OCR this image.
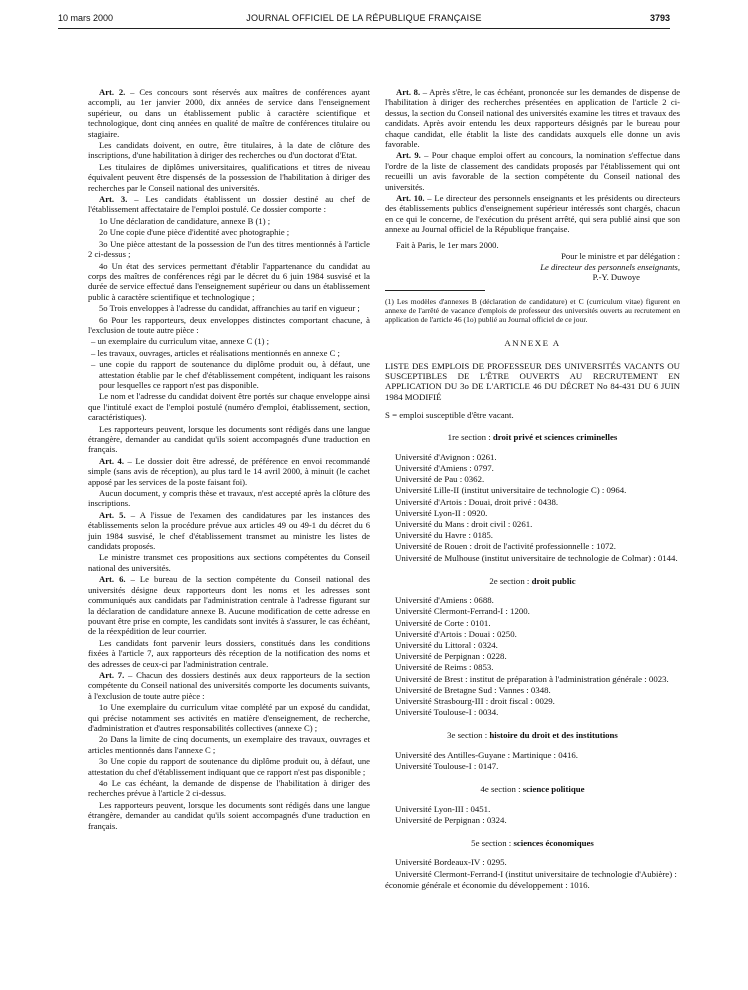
10 mars 2000	JOURNAL OFFICIEL DE LA RÉPUBLIQUE FRANÇAISE	3793

Art. 2. – Ces concours sont réservés aux maîtres de conférences ayant accompli, au 1er janvier 2000, dix années de service dans l'enseignement supérieur, ou dans un établissement public à caractère scientifique et technologique, dont cinq années en qualité de maître de conférences titulaire ou stagiaire.

Les candidats doivent, en outre, être titulaires, à la date de clôture des inscriptions, d'une habilitation à diriger des recherches ou d'un doctorat d'Etat.

Les titulaires de diplômes universitaires, qualifications et titres de niveau équivalent peuvent être dispensés de la possession de l'habilitation à diriger des recherches par le Conseil national des universités.

Art. 3. – Les candidats établissent un dossier destiné au chef de l'établissement affectataire de l'emploi postulé. Ce dossier comporte :

1o Une déclaration de candidature, annexe B (1) ;

2o Une copie d'une pièce d'identité avec photographie ;

3o Une pièce attestant de la possession de l'un des titres mentionnés à l'article 2 ci-dessus ;

4o Un état des services permettant d'établir l'appartenance du candidat au corps des maîtres de conférences régi par le décret du 6 juin 1984 susvisé et la durée de service effectué dans l'enseignement supérieur ou dans un établissement public à caractère scientifique et technologique ;

5o Trois enveloppes à l'adresse du candidat, affranchies au tarif en vigueur ;

6o Pour les rapporteurs, deux enveloppes distinctes comportant chacune, à l'exclusion de toute autre pièce :

– un exemplaire du curriculum vitae, annexe C (1) ;

– les travaux, ouvrages, articles et réalisations mentionnés en annexe C ;

– une copie du rapport de soutenance du diplôme produit ou, à défaut, une attestation établie par le chef d'établissement compétent, indiquant les raisons pour lesquelles ce rapport n'est pas disponible.

Le nom et l'adresse du candidat doivent être portés sur chaque enveloppe ainsi que l'intitulé exact de l'emploi postulé (numéro d'emploi, établissement, section, caractéristiques).

Les rapporteurs peuvent, lorsque les documents sont rédigés dans une langue étrangère, demander au candidat qu'ils soient accompagnés d'une traduction en français.

Art. 4. – Le dossier doit être adressé, de préférence en envoi recommandé simple (sans avis de réception), au plus tard le 14 avril 2000, à minuit (le cachet apposé par les services de la poste faisant foi).

Aucun document, y compris thèse et travaux, n'est accepté après la clôture des inscriptions.

Art. 5. – A l'issue de l'examen des candidatures par les instances des établissements selon la procédure prévue aux articles 49 ou 49-1 du décret du 6 juin 1984 susvisé, le chef d'établissement transmet au ministre les listes de candidats proposés.

Le ministre transmet ces propositions aux sections compétentes du Conseil national des universités.

Art. 6. – Le bureau de la section compétente du Conseil national des universités désigne deux rapporteurs dont les noms et les adresses sont communiqués aux candidats par l'administration centrale à l'adresse figurant sur la déclaration de candidature annexe B. Aucune modification de cette adresse en pouvant être prise en compte, les candidats sont invités à s'assurer, le cas échéant, de la réexpédition de leur courrier.

Les candidats font parvenir leurs dossiers, constitués dans les conditions fixées à l'article 7, aux rapporteurs dès réception de la notification des noms et des adresses de ceux-ci par l'administration centrale.

Art. 7. – Chacun des dossiers destinés aux deux rapporteurs de la section compétente du Conseil national des universités comporte les documents suivants, à l'exclusion de toute autre pièce :

1o Une exemplaire du curriculum vitae complété par un exposé du candidat, qui précise notamment ses activités en matière d'enseignement, de recherche, d'administration et d'autres responsabilités collectives (annexe C) ;

2o Dans la limite de cinq documents, un exemplaire des travaux, ouvrages et articles mentionnés dans l'annexe C ;

3o Une copie du rapport de soutenance du diplôme produit ou, à défaut, une attestation du chef d'établissement indiquant que ce rapport n'est pas disponible ;

4o Le cas échéant, la demande de dispense de l'habilitation à diriger des recherches prévue à l'article 2 ci-dessus.

Les rapporteurs peuvent, lorsque les documents sont rédigés dans une langue étrangère, demander au candidat qu'ils soient accompagnés d'une traduction en français.

Art. 8. – Après s'être, le cas échéant, prononcée sur les demandes de dispense de l'habilitation à diriger des recherches présentées en application de l'article 2 ci-dessus, la section du Conseil national des universités examine les titres et travaux des candidats. Après avoir entendu les deux rapporteurs désignés par le bureau pour chaque candidat, elle établit la liste des candidats auxquels elle donne un avis favorable.

Art. 9. – Pour chaque emploi offert au concours, la nomination s'effectue dans l'ordre de la liste de classement des candidats proposés par l'établissement qui ont recueilli un avis favorable de la section compétente du Conseil national des universités.

Art. 10. – Le directeur des personnels enseignants et les présidents ou directeurs des établissements publics d'enseignement supérieur intéressés sont chargés, chacun en ce qui le concerne, de l'exécution du présent arrêté, qui sera publié ainsi que son annexe au Journal officiel de la République française.

Fait à Paris, le 1er mars 2000.

Pour le ministre et par délégation :

Le directeur des personnels enseignants,

P.-Y. Duwoye

(1) Les modèles d'annexes B (déclaration de candidature) et C (curriculum vitae) figurent en annexe de l'arrêté de vacance d'emplois de professeur des universités ouverts au recrutement en application de l'article 46 (1o) publié au Journal officiel de ce jour.

ANNEXE A

LISTE DES EMPLOIS DE PROFESSEUR DES UNIVERSITÉS VACANTS OU SUSCEPTIBLES DE L'ÊTRE OUVERTS AU RECRUTEMENT EN APPLICATION DU 3o DE L'ARTICLE 46 DU DÉCRET No 84-431 DU 6 JUIN 1984 MODIFIÉ

S = emploi susceptible d'être vacant.

1re section : droit privé et sciences criminelles

Université d'Avignon : 0261.

Université d'Amiens : 0797.

Université de Pau : 0362.

Université Lille-II (institut universitaire de technologie C) : 0964.

Université d'Artois : Douai, droit privé : 0438.

Université Lyon-II : 0920.

Université du Mans : droit civil : 0261.

Université du Havre : 0185.

Université de Rouen : droit de l'activité professionnelle : 1072.

Université de Mulhouse (institut universitaire de technologie de Colmar) : 0144.

2e section : droit public

Université d'Amiens : 0688.

Université Clermont-Ferrand-I : 1200.

Université de Corte : 0101.

Université d'Artois : Douai : 0250.

Université du Littoral : 0324.

Université de Perpignan : 0228.

Université de Reims : 0853.

Université de Brest : institut de préparation à l'administration générale : 0023.

Université de Bretagne Sud : Vannes : 0348.

Université Strasbourg-III : droit fiscal : 0029.

Université Toulouse-I : 0034.

3e section : histoire du droit et des institutions

Université des Antilles-Guyane : Martinique : 0416.

Université Toulouse-I : 0147.

4e section : science politique

Université Lyon-III : 0451.

Université de Perpignan : 0324.

5e section : sciences économiques

Université Bordeaux-IV : 0295.

Université Clermont-Ferrand-I (institut universitaire de technologie d'Aubière) : économie générale et économie du développement : 1016.
